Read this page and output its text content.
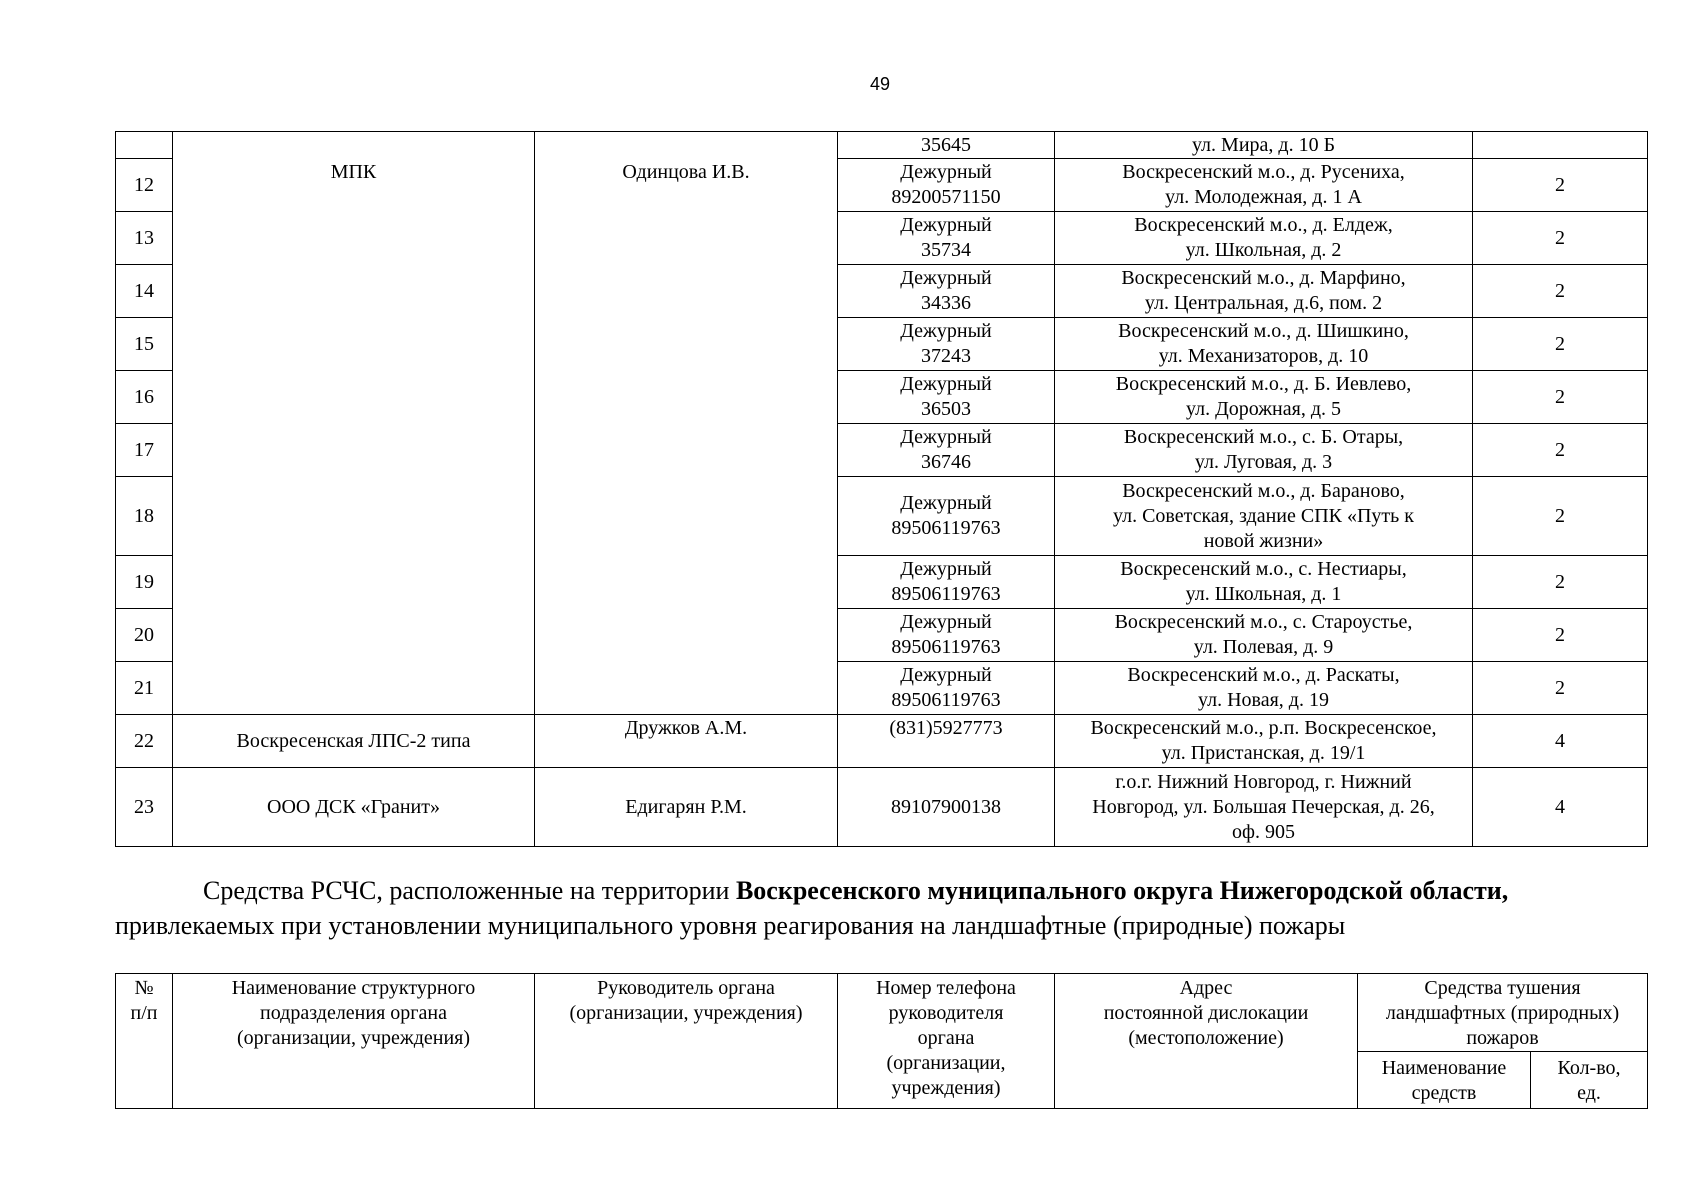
49
	МПК	Одинцова И.В.	35645	ул. Мира, д. 10 Б	
12			Дежурный
89200571150	Воскресенский м.о., д. Русениха,
ул. Молодежная, д. 1 А	2
13			Дежурный
35734	Воскресенский м.о., д. Елдеж,
ул. Школьная, д. 2	2
14			Дежурный
34336	Воскресенский м.о., д. Марфино,
ул. Центральная, д.6, пом. 2	2
15			Дежурный
37243	Воскресенский м.о., д. Шишкино,
ул. Механизаторов, д. 10	2
16			Дежурный
36503	Воскресенский м.о., д. Б. Иевлево,
ул. Дорожная, д. 5	2
17			Дежурный
36746	Воскресенский м.о., с. Б. Отары,
ул. Луговая, д. 3	2
18			Дежурный
89506119763	Воскресенский м.о., д. Бараново,
ул. Советская, здание СПК «Путь к
новой жизни»	2
19			Дежурный
89506119763	Воскресенский м.о., с. Нестиары,
ул. Школьная, д. 1	2
20			Дежурный
89506119763	Воскресенский м.о., с. Староустье,
ул. Полевая, д. 9	2
21			Дежурный
89506119763	Воскресенский м.о., д. Раскаты,
ул. Новая, д. 19	2
22	Воскресенская ЛПС-2 типа	Дружков А.М.	(831)5927773	Воскресенский м.о., р.п. Воскресенское,
ул. Пристанская, д. 19/1	4
23	ООО ДСК «Гранит»	Едигарян Р.М.	89107900138	г.о.г. Нижний Новгород, г. Нижний
Новгород, ул. Большая Печерская, д. 26,
оф. 905	4
Средства РСЧС, расположенные на территории Воскресенского муниципального округа Нижегородской области,
привлекаемых при установлении муниципального уровня реагирования на ландшафтные (природные) пожары
№
п/п	Наименование структурного
подразделения органа
(организации, учреждения)	Руководитель органа
(организации, учреждения)	Номер телефона
руководителя
органа
(организации,
учреждения)	Адрес
постоянной дислокации
(местоположение)	Средства тушения
ландшафтных (природных)
пожаров	
					Наименование
средств	Кол-во,
ед.
